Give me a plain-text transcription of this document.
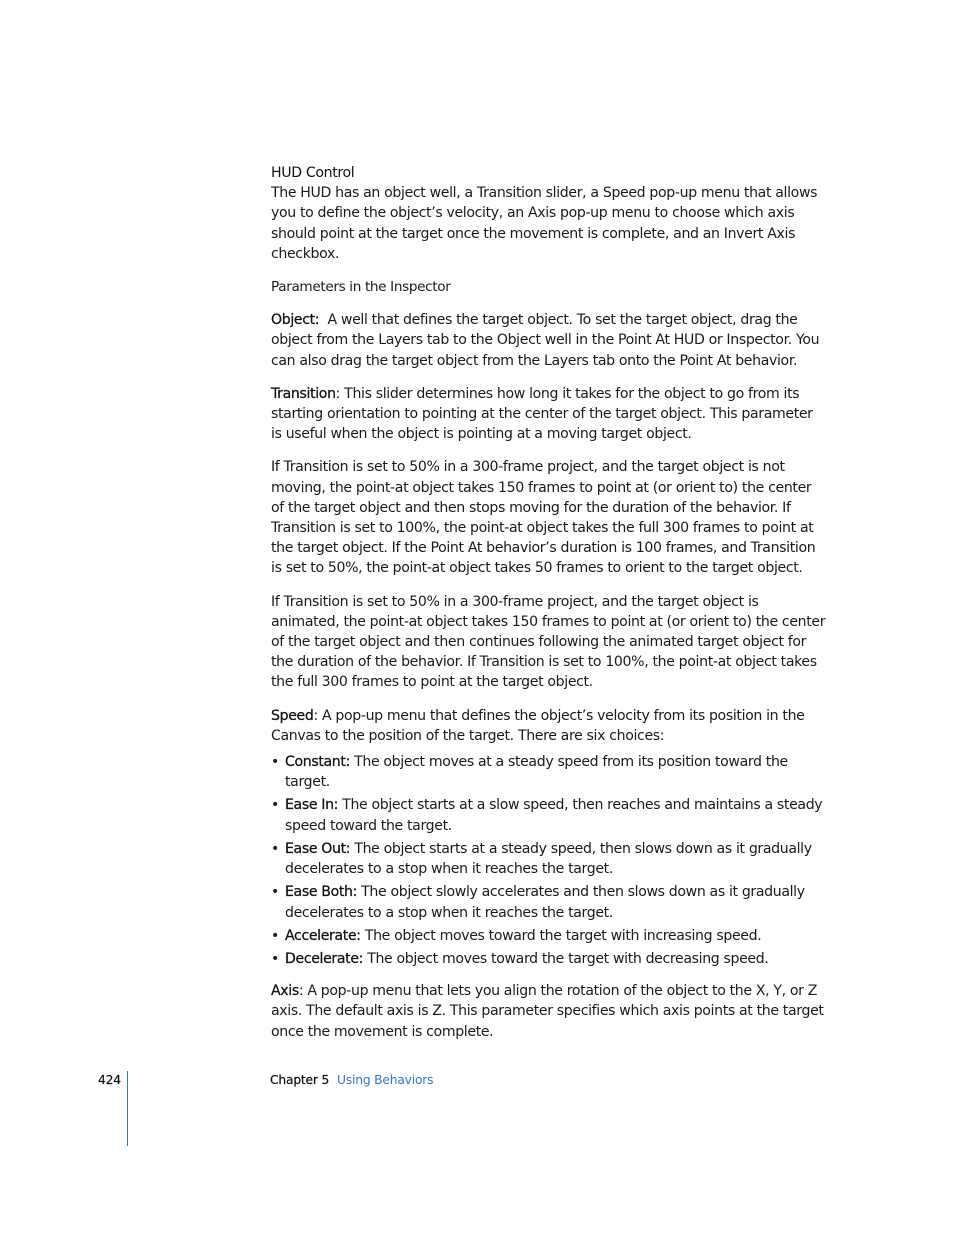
HUD Control

The HUD has an object well, a Transition slider, a Speed pop-up menu that allows you to define the object’s velocity, an Axis pop-up menu to choose which axis should point at the target once the movement is complete, and an Invert Axis checkbox.

Parameters in the Inspector

Object: A well that defines the target object. To set the target object, drag the object from the Layers tab to the Object well in the Point At HUD or Inspector. You can also drag the target object from the Layers tab onto the Point At behavior.

Transition: This slider determines how long it takes for the object to go from its starting orientation to pointing at the center of the target object. This parameter is useful when the object is pointing at a moving target object.

If Transition is set to 50% in a 300-frame project, and the target object is not moving, the point-at object takes 150 frames to point at (or orient to) the center of the target object and then stops moving for the duration of the behavior. If Transition is set to 100%, the point-at object takes the full 300 frames to point at the target object. If the Point At behavior’s duration is 100 frames, and Transition is set to 50%, the point-at object takes 50 frames to orient to the target object.

If Transition is set to 50% in a 300-frame project, and the target object is animated, the point-at object takes 150 frames to point at (or orient to) the center of the target object and then continues following the animated target object for the duration of the behavior. If Transition is set to 100%, the point-at object takes the full 300 frames to point at the target object.

Speed: A pop-up menu that defines the object’s velocity from its position in the Canvas to the position of the target. There are six choices:

• Constant: The object moves at a steady speed from its position toward the target.
• Ease In: The object starts at a slow speed, then reaches and maintains a steady speed toward the target.
• Ease Out: The object starts at a steady speed, then slows down as it gradually decelerates to a stop when it reaches the target.
• Ease Both: The object slowly accelerates and then slows down as it gradually decelerates to a stop when it reaches the target.
• Accelerate: The object moves toward the target with increasing speed.
• Decelerate: The object moves toward the target with decreasing speed.

Axis: A pop-up menu that lets you align the rotation of the object to the X, Y, or Z axis. The default axis is Z. This parameter specifies which axis points at the target once the movement is complete.

424	Chapter 5 Using Behaviors
